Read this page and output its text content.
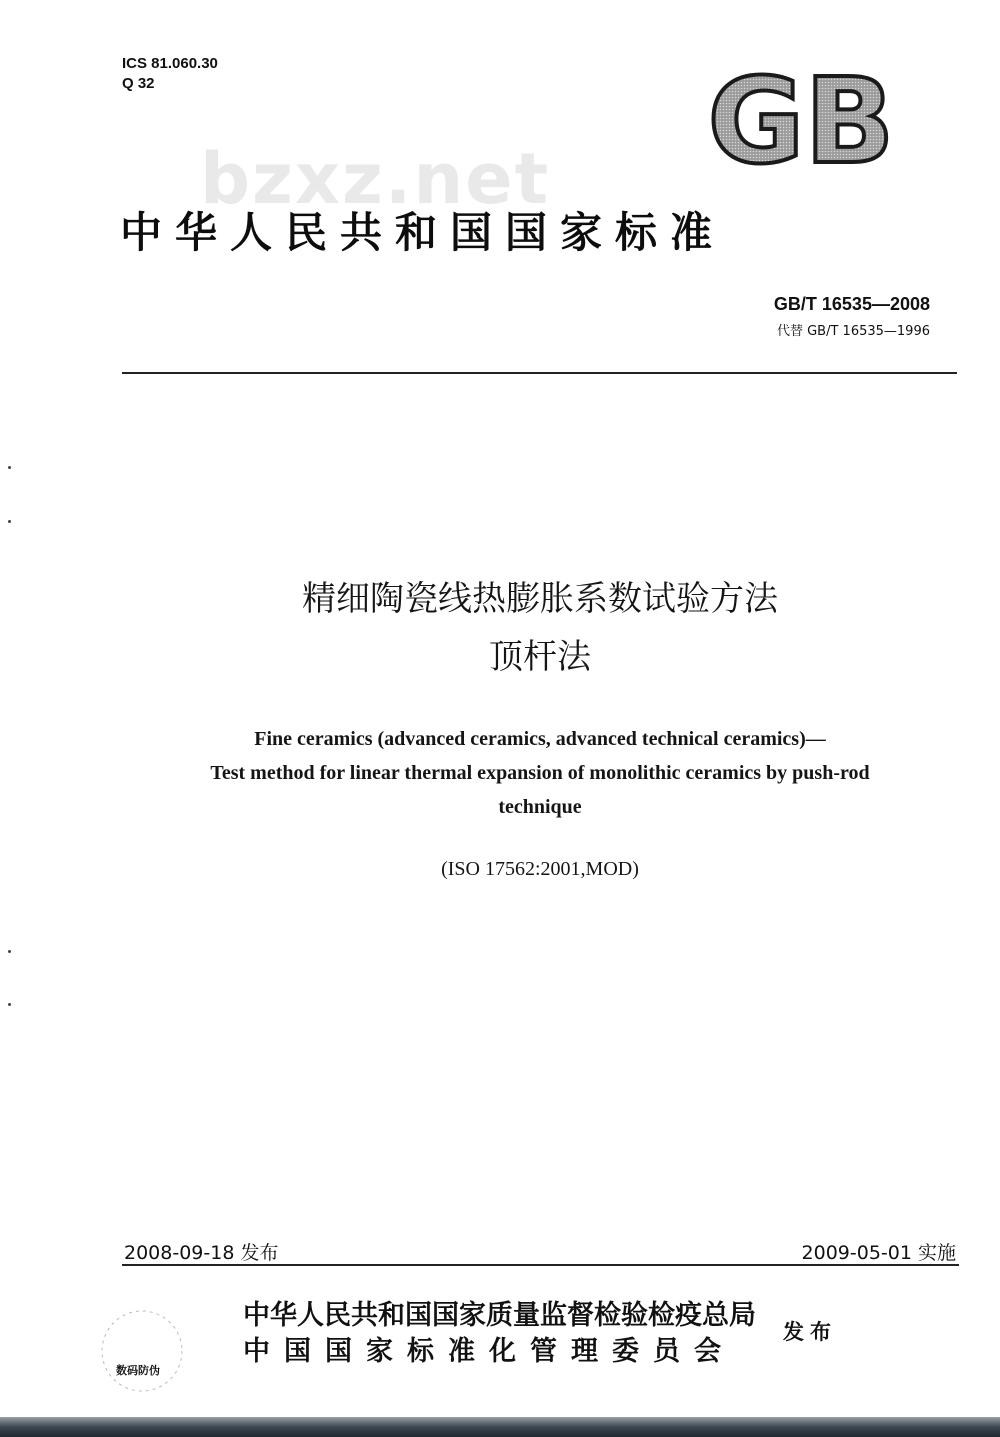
ICS 81.060.30
Q 32	GB
bzxz.net
中华人民共和国国家标准
GB/T 16535—2008
代替 GB/T 16535—1996
精细陶瓷线热膨胀系数试验方法
顶杆法
Fine ceramics (advanced ceramics, advanced technical ceramics)—
Test method for linear thermal expansion of monolithic ceramics by push-rod
technique
(ISO 17562:2001,MOD)
2008-09-18 发布	2009-05-01 实施
数码防伪
中华人民共和国国家质量监督检验检疫总局
中国国家标准化管理委员会
发布
